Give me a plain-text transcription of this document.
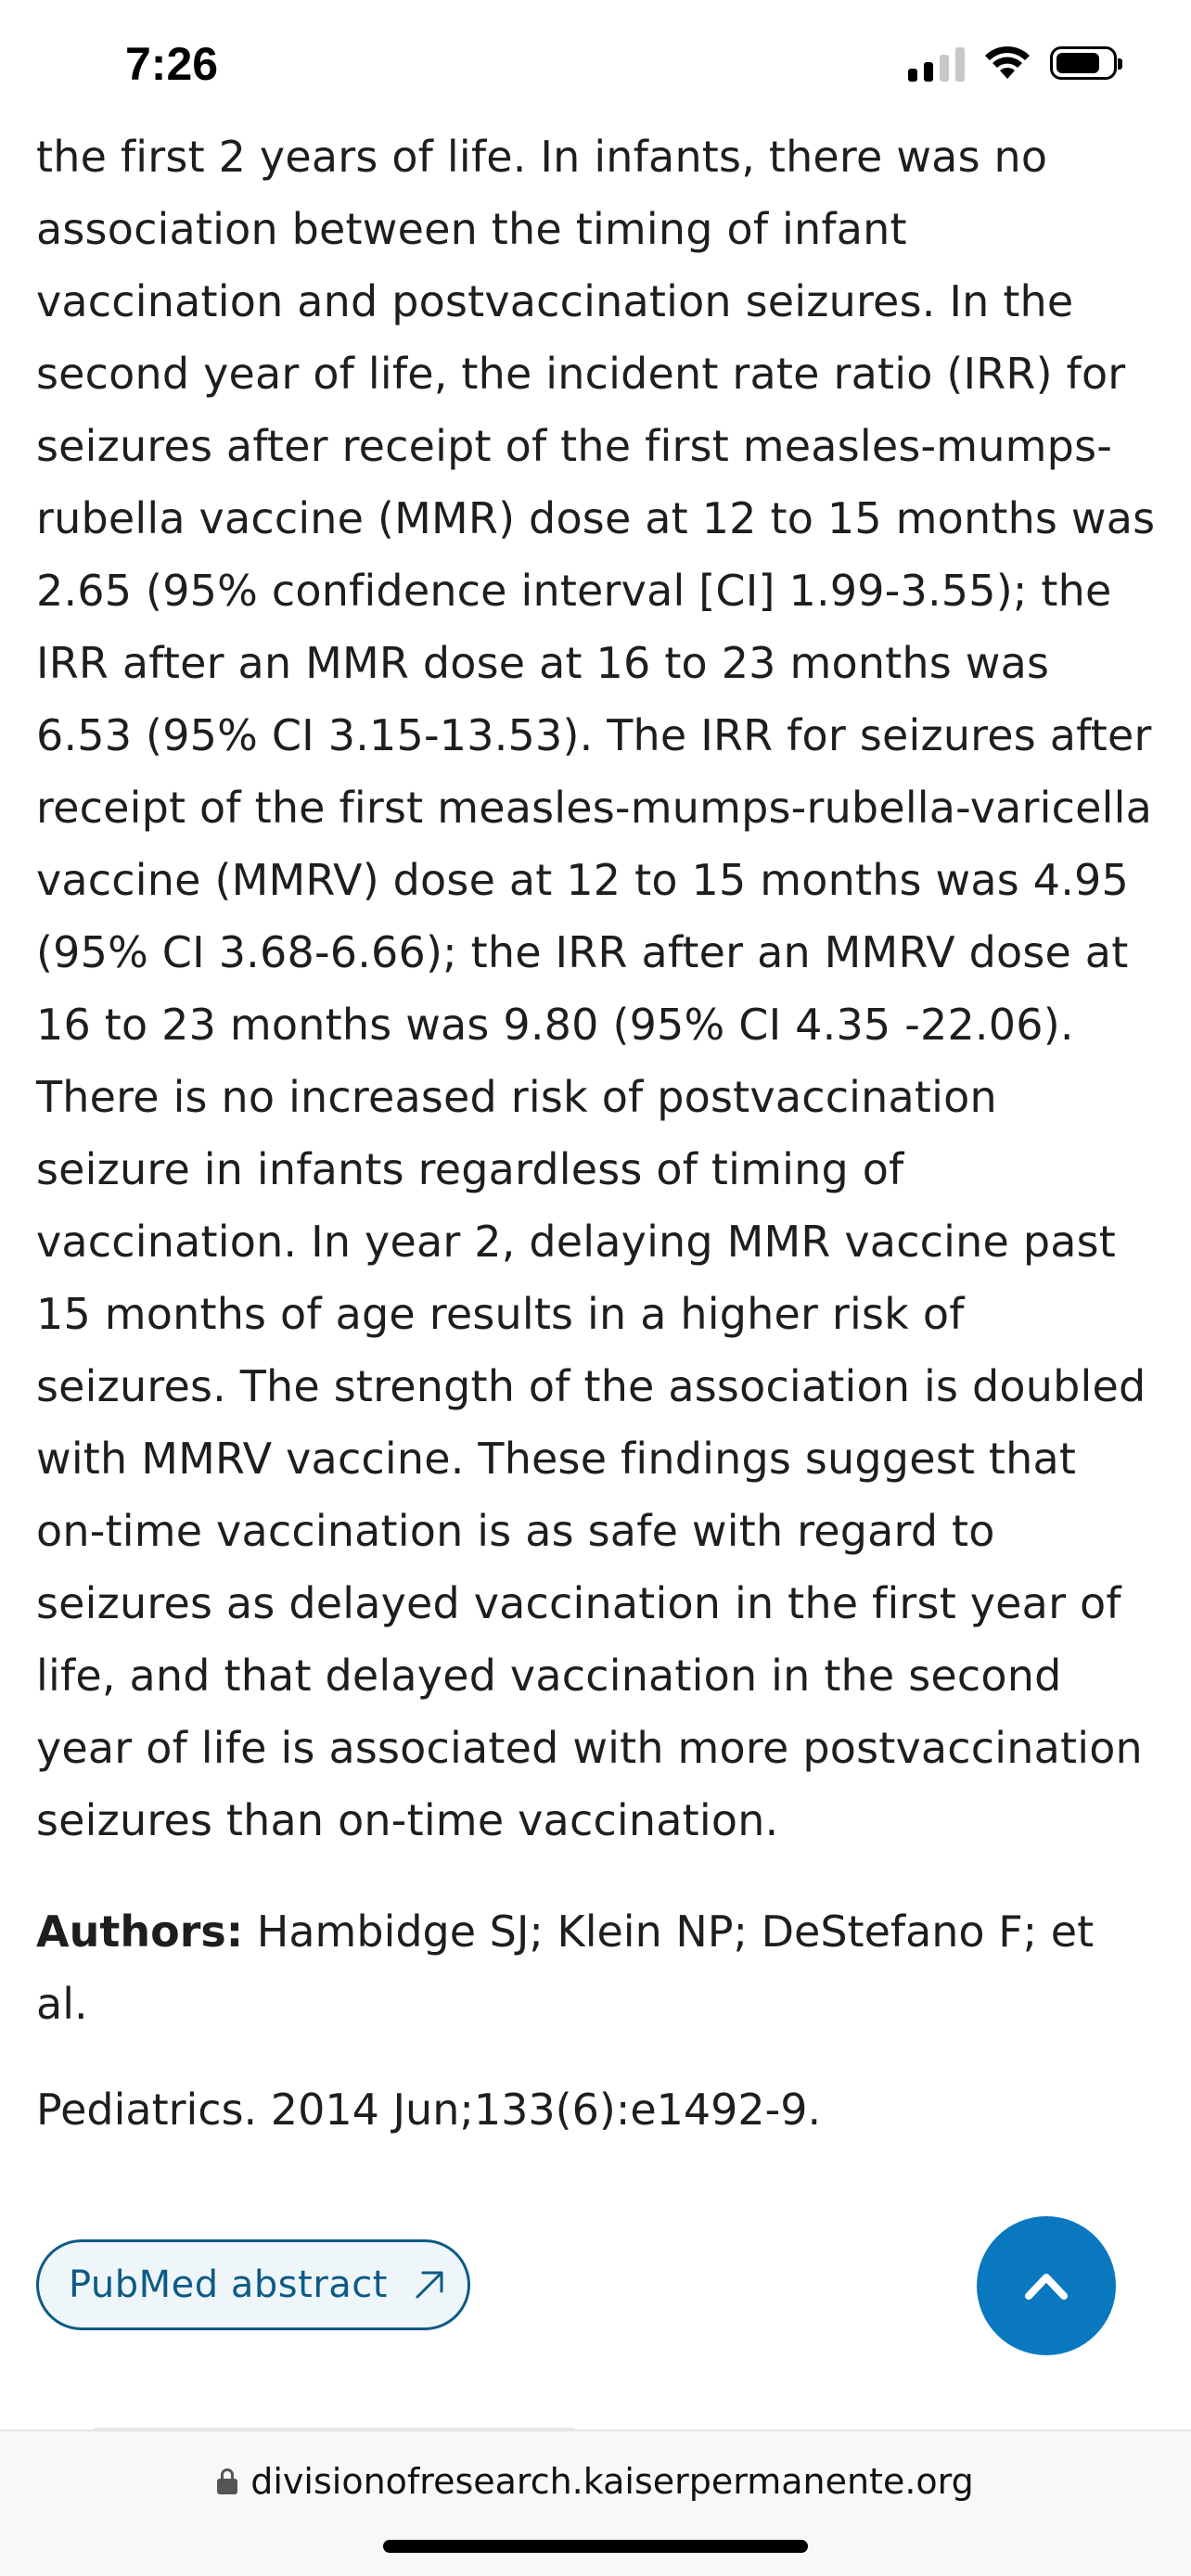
7:26

the first 2 years of life. In infants, there was no association between the timing of infant vaccination and postvaccination seizures. In the second year of life, the incident rate ratio (IRR) for seizures after receipt of the first measles-mumps-rubella vaccine (MMR) dose at 12 to 15 months was 2.65 (95% confidence interval [CI] 1.99-3.55); the IRR after an MMR dose at 16 to 23 months was 6.53 (95% CI 3.15-13.53). The IRR for seizures after receipt of the first measles-mumps-rubella-varicella vaccine (MMRV) dose at 12 to 15 months was 4.95 (95% CI 3.68-6.66); the IRR after an MMRV dose at 16 to 23 months was 9.80 (95% CI 4.35 -22.06). There is no increased risk of postvaccination seizure in infants regardless of timing of vaccination. In year 2, delaying MMR vaccine past 15 months of age results in a higher risk of seizures. The strength of the association is doubled with MMRV vaccine. These findings suggest that on-time vaccination is as safe with regard to seizures as delayed vaccination in the first year of life, and that delayed vaccination in the second year of life is associated with more postvaccination seizures than on-time vaccination.

Authors: Hambidge SJ; Klein NP; DeStefano F; et al.

Pediatrics. 2014 Jun;133(6):e1492-9.

PubMed abstract
divisionofresearch.kaiserpermanente.org
